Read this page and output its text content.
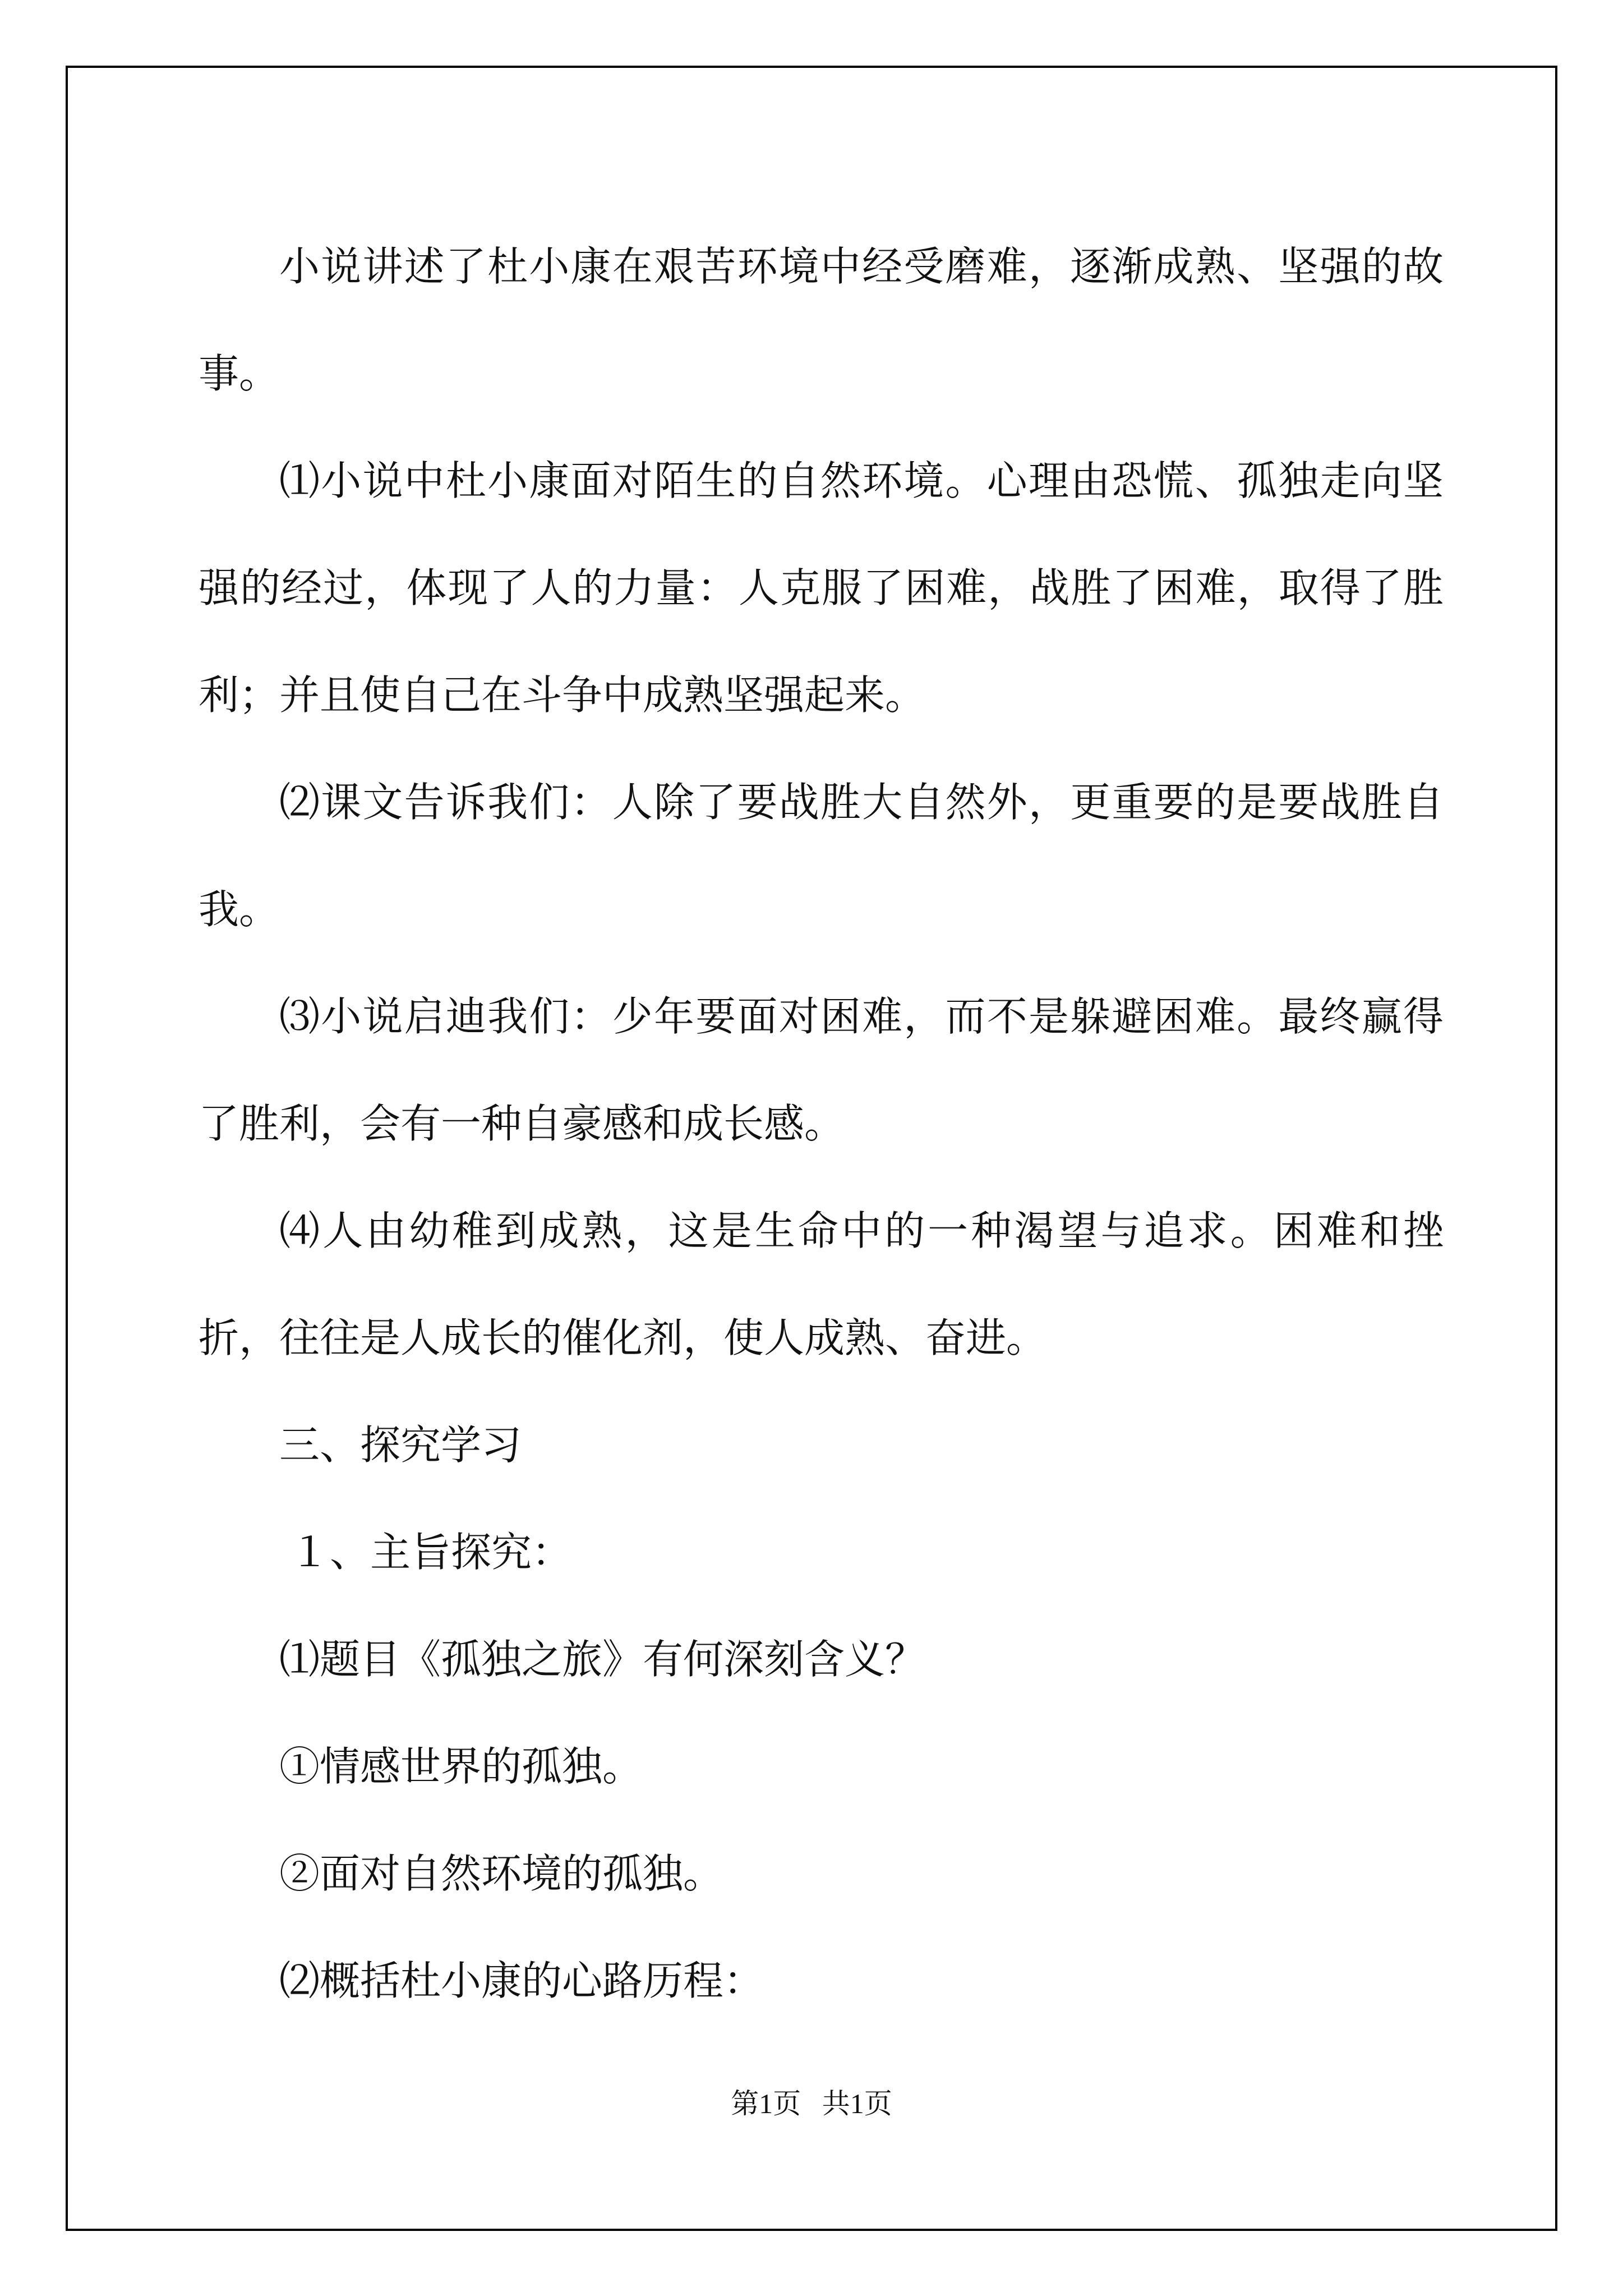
小说讲述了杜小康在艰苦环境中经受磨难，逐渐成熟、坚强的故事。

⑴小说中杜小康面对陌生的自然环境。心理由恐慌、孤独走向坚强的经过，体现了人的力量：人克服了困难，战胜了困难，取得了胜利；并且使自己在斗争中成熟坚强起来。

⑵课文告诉我们：人除了要战胜大自然外，更重要的是要战胜自我。

⑶小说启迪我们：少年要面对困难，而不是躲避困难。最终赢得了胜利，会有一种自豪感和成长感。

⑷人由幼稚到成熟，这是生命中的一种渴望与追求。困难和挫折，往往是人成长的催化剂，使人成熟、奋进。

三、探究学习

１、主旨探究：

⑴题目《孤独之旅》有何深刻含义？

①情感世界的孤独。

②面对自然环境的孤独。

⑵概括杜小康的心路历程：

第1页 共1页
